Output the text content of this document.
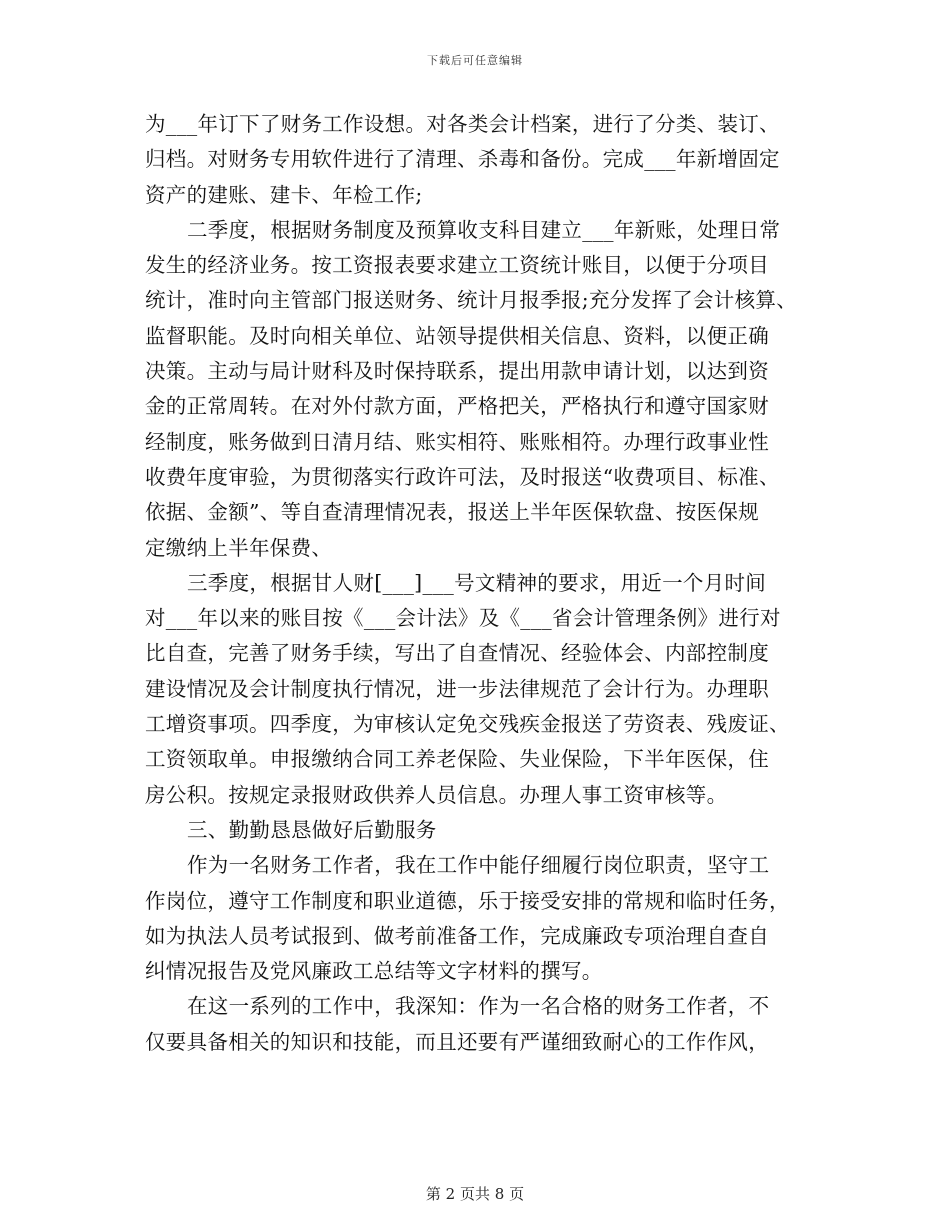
下载后可任意编辑
为___年订下了财务工作设想。对各类会计档案，进行了分类、装订、
归档。对财务专用软件进行了清理、杀毒和备份。完成___年新增固定
资产的建账、建卡、年检工作;
二季度，根据财务制度及预算收支科目建立___年新账，处理日常
发生的经济业务。按工资报表要求建立工资统计账目，以便于分项目
统计，准时向主管部门报送财务、统计月报季报;充分发挥了会计核算、
监督职能。及时向相关单位、站领导提供相关信息、资料，以便正确
决策。主动与局计财科及时保持联系，提出用款申请计划，以达到资
金的正常周转。在对外付款方面，严格把关，严格执行和遵守国家财
经制度，账务做到日清月结、账实相符、账账相符。办理行政事业性
收费年度审验，为贯彻落实行政许可法，及时报送“收费项目、标准、
依据、金额”、等自查清理情况表，报送上半年医保软盘、按医保规
定缴纳上半年保费、
三季度，根据甘人财[___]___号文精神的要求，用近一个月时间
对___年以来的账目按《___会计法》及《___省会计管理条例》进行对
比自查，完善了财务手续，写出了自查情况、经验体会、内部控制度
建设情况及会计制度执行情况，进一步法律规范了会计行为。办理职
工增资事项。四季度，为审核认定免交残疾金报送了劳资表、残废证、
工资领取单。申报缴纳合同工养老保险、失业保险，下半年医保，住
房公积。按规定录报财政供养人员信息。办理人事工资审核等。
三、勤勤恳恳做好后勤服务
作为一名财务工作者，我在工作中能仔细履行岗位职责，坚守工
作岗位，遵守工作制度和职业道德，乐于接受安排的常规和临时任务，
如为执法人员考试报到、做考前准备工作，完成廉政专项治理自查自
纠情况报告及党风廉政工总结等文字材料的撰写。
在这一系列的工作中，我深知：作为一名合格的财务工作者，不
仅要具备相关的知识和技能，而且还要有严谨细致耐心的工作作风，
第 2 页共 8 页
